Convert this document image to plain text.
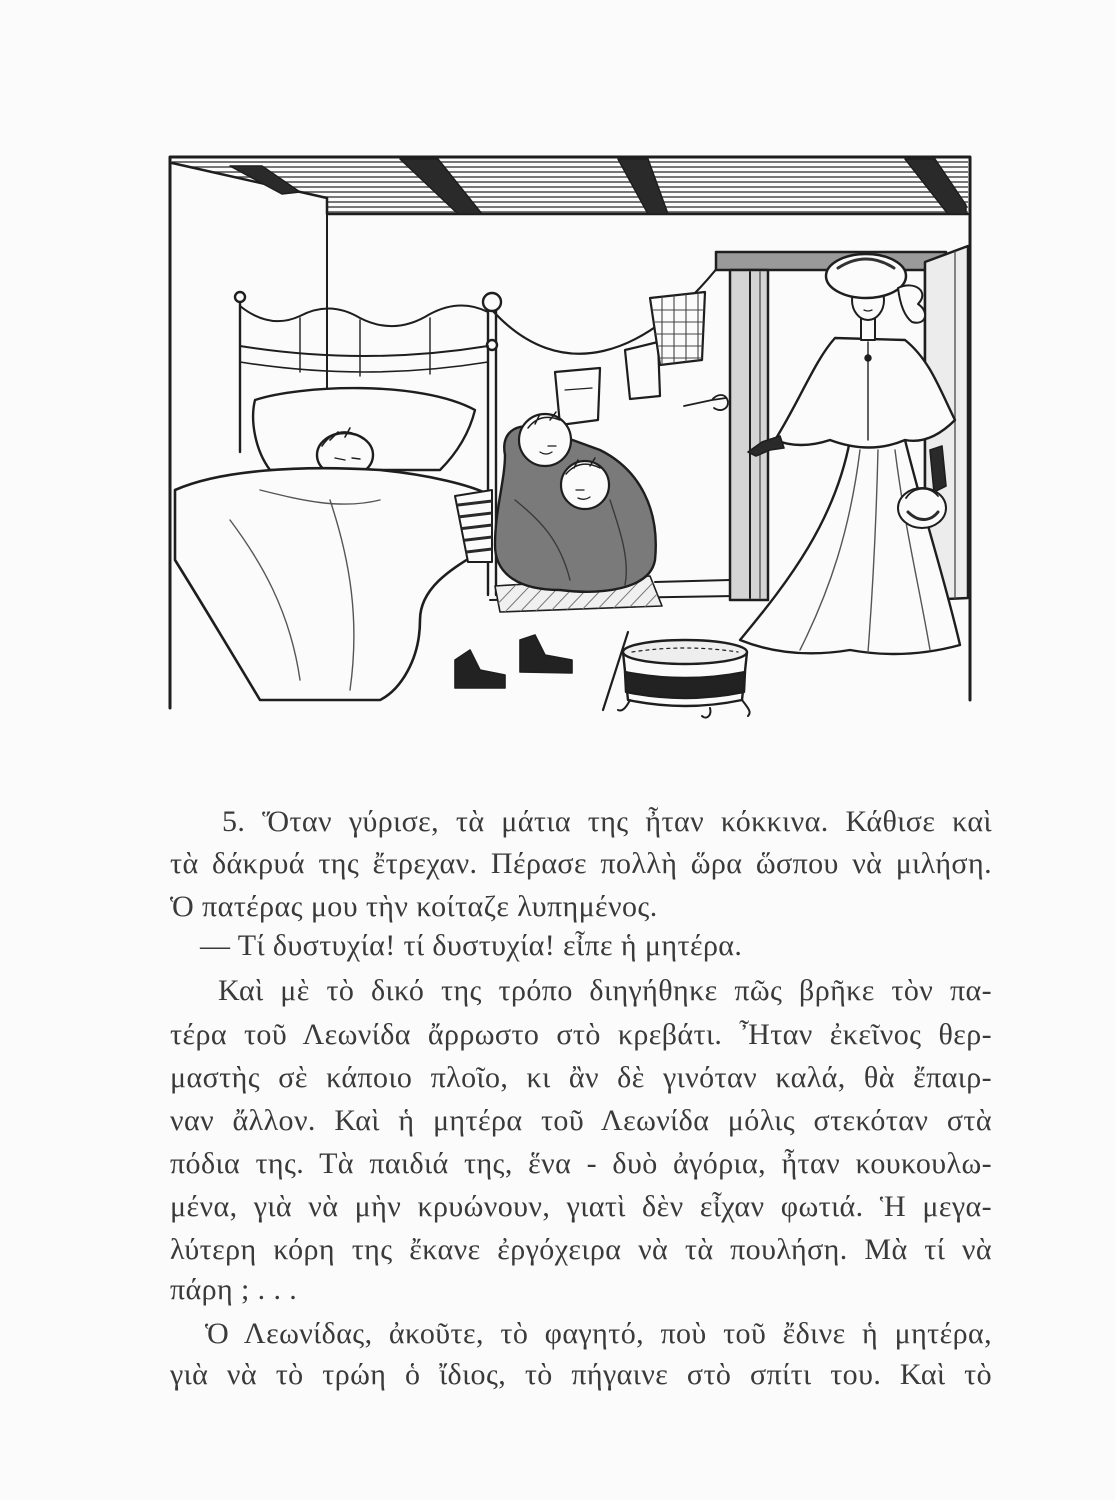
5. Ὅταν γύρισε, τὰ μάτια της ἦταν κόκκινα. Κάθισε καὶ
τὰ δάκρυά της ἔτρεχαν. Πέρασε πολλὴ ὥρα ὥσπου νὰ μιλήση.
Ὁ πατέρας μου τὴν κοίταζε λυπημένος.
— Τί δυστυχία! τί δυστυχία! εἶπε ἡ μητέρα.
Καὶ μὲ τὸ δικό της τρόπο διηγήθηκε πῶς βρῆκε τὸν πα-
τέρα τοῦ Λεωνίδα ἄρρωστο στὸ κρεβάτι. Ἦταν ἐκεῖνος θερ-
μαστὴς σὲ κάποιο πλοῖο, κι ἂν δὲ γινόταν καλά, θὰ ἔπαιρ-
ναν ἄλλον. Καὶ ἡ μητέρα τοῦ Λεωνίδα μόλις στεκόταν στὰ
πόδια της. Τὰ παιδιά της, ἕνα - δυὸ ἀγόρια, ἦταν κουκουλω-
μένα, γιὰ νὰ μὴν κρυώνουν, γιατὶ δὲν εἶχαν φωτιά. Ἡ μεγα-
λύτερη κόρη της ἔκανε ἐργόχειρα νὰ τὰ πουλήση. Μὰ τί νὰ
πάρη ; . . .
Ὁ Λεωνίδας, ἀκοῦτε, τὸ φαγητό, ποὺ τοῦ ἔδινε ἡ μητέρα,
γιὰ νὰ τὸ τρώη ὁ ἴδιος, τὸ πήγαινε στὸ σπίτι του. Καὶ τὸ
